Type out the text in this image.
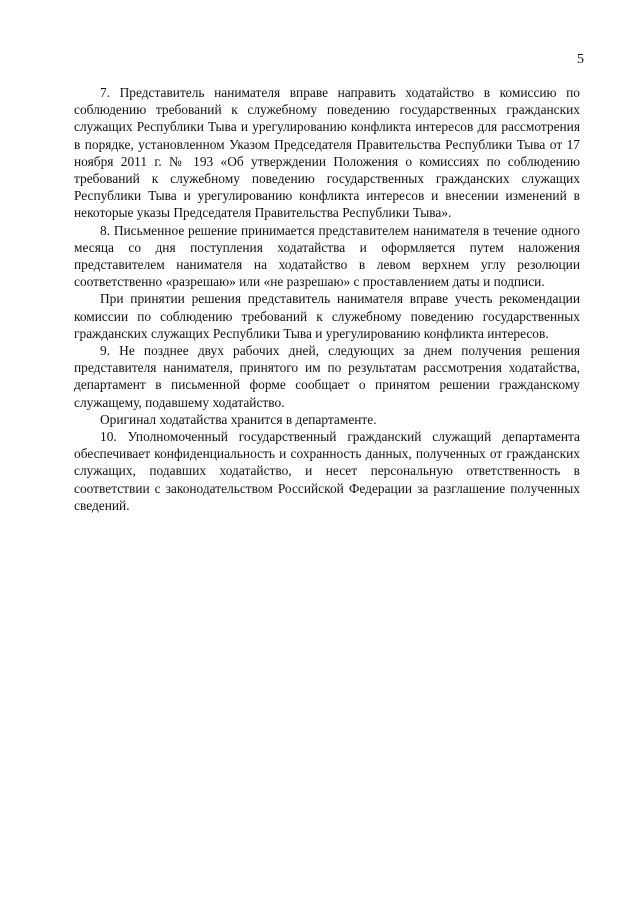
5

7. Представитель нанимателя вправе направить ходатайство в комиссию по соблюдению требований к служебному поведению государственных гражданских служащих Республики Тыва и урегулированию конфликта интересов для рассмотрения в порядке, установленном Указом Председателя Правительства Республики Тыва от 17 ноября 2011 г. № 193 «Об утверждении Положения о комиссиях по соблюдению требований к служебному поведению государственных гражданских служащих Республики Тыва и урегулированию конфликта интересов и внесении изменений в некоторые указы Председателя Правительства Республики Тыва».

8. Письменное решение принимается представителем нанимателя в течение одного месяца со дня поступления ходатайства и оформляется путем наложения представителем нанимателя на ходатайство в левом верхнем углу резолюции соответственно «разрешаю» или «не разрешаю» с проставлением даты и подписи.

При принятии решения представитель нанимателя вправе учесть рекомендации комиссии по соблюдению требований к служебному поведению государственных гражданских служащих Республики Тыва и урегулированию конфликта интересов.

9. Не позднее двух рабочих дней, следующих за днем получения решения представителя нанимателя, принятого им по результатам рассмотрения ходатайства, департамент в письменной форме сообщает о принятом решении гражданскому служащему, подавшему ходатайство.

Оригинал ходатайства хранится в департаменте.

10. Уполномоченный государственный гражданский служащий департамента обеспечивает конфиденциальность и сохранность данных, полученных от гражданских служащих, подавших ходатайство, и несет персональную ответственность в соответствии с законодательством Российской Федерации за разглашение полученных сведений.
